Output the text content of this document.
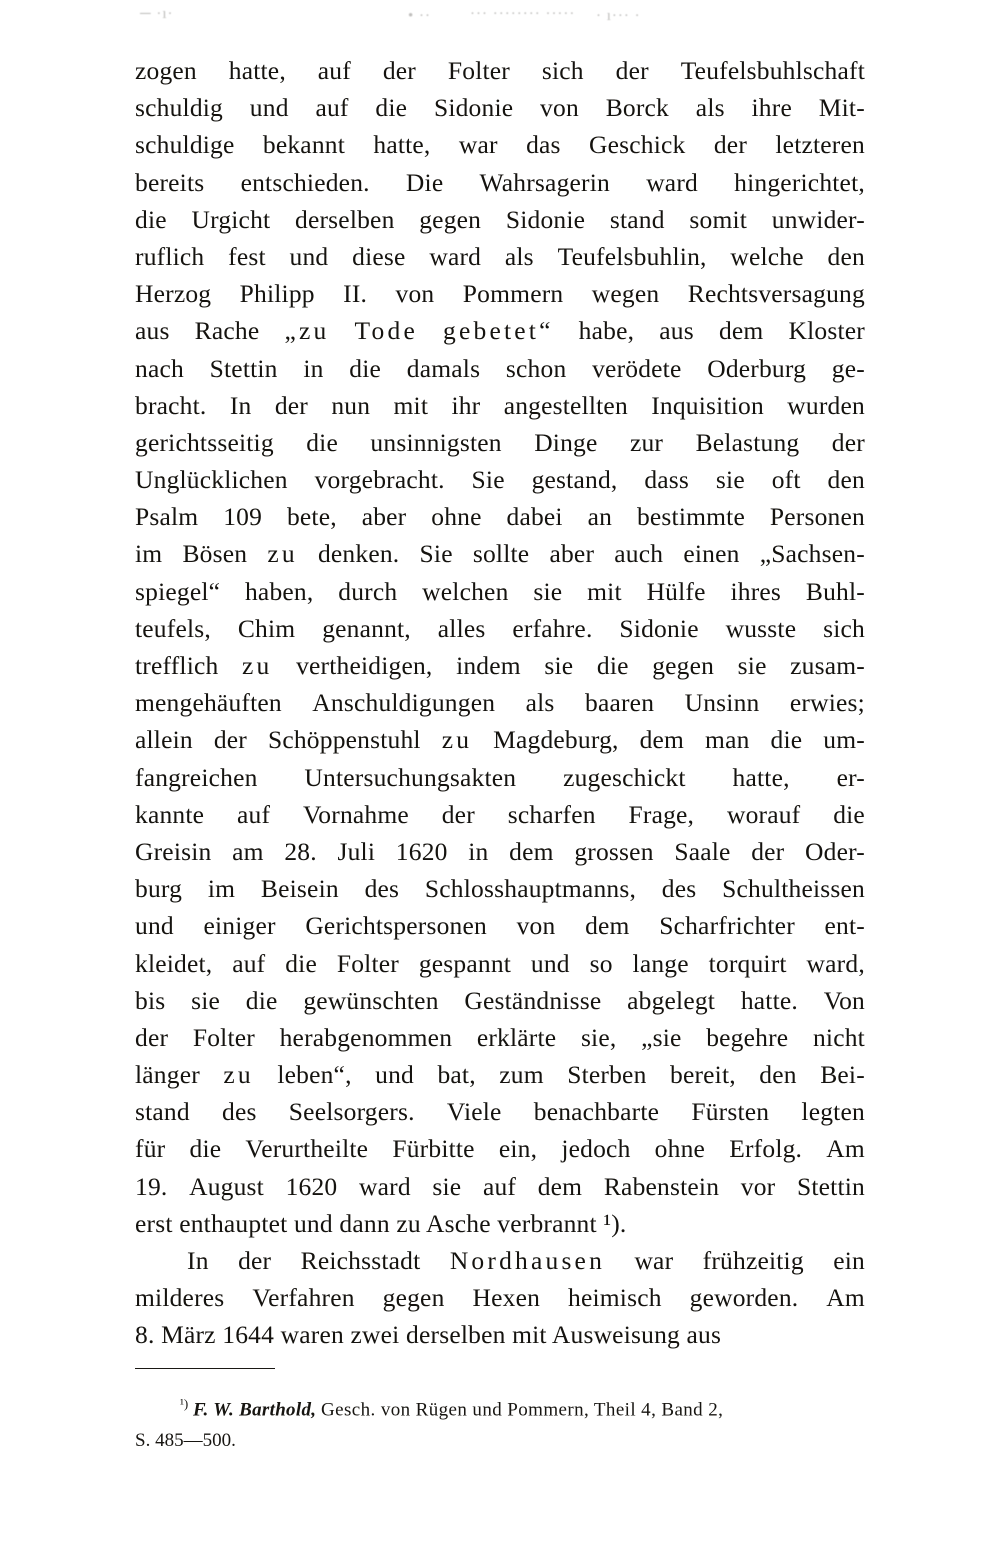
─ ·ı·	• ··	··· ········ ····· · ı··· ·
zogen hatte, auf der Folter sich der Teufelsbuhlschaft
schuldig und auf die Sidonie von Borck als ihre Mit-
schuldige bekannt hatte, war das Geschick der letzteren
bereits entschieden. Die Wahrsagerin ward hingerichtet,
die Urgicht derselben gegen Sidonie stand somit unwider-
ruflich fest und diese ward als Teufelsbuhlin, welche den
Herzog Philipp II. von Pommern wegen Rechtsversagung
aus Rache „zu Tode gebetet“ habe, aus dem Kloster
nach Stettin in die damals schon verödete Oderburg ge-
bracht. In der nun mit ihr angestellten Inquisition wurden
gerichtsseitig die unsinnigsten Dinge zur Belastung der
Unglücklichen vorgebracht. Sie gestand, dass sie oft den
Psalm 109 bete, aber ohne dabei an bestimmte Personen
im Bösen zu denken. Sie sollte aber auch einen „Sachsen-
spiegel“ haben, durch welchen sie mit Hülfe ihres Buhl-
teufels, Chim genannt, alles erfahre. Sidonie wusste sich
trefflich zu vertheidigen, indem sie die gegen sie zusam-
mengehäuften Anschuldigungen als baaren Unsinn erwies;
allein der Schöppenstuhl zu Magdeburg, dem man die um-
fangreichen Untersuchungsakten zugeschickt hatte, er-
kannte auf Vornahme der scharfen Frage, worauf die
Greisin am 28. Juli 1620 in dem grossen Saale der Oder-
burg im Beisein des Schlosshauptmanns, des Schultheissen
und einiger Gerichtspersonen von dem Scharfrichter ent-
kleidet, auf die Folter gespannt und so lange torquirt ward,
bis sie die gewünschten Geständnisse abgelegt hatte. Von
der Folter herabgenommen erklärte sie, „sie begehre nicht
länger zu leben“, und bat, zum Sterben bereit, den Bei-
stand des Seelsorgers. Viele benachbarte Fürsten legten
für die Verurtheilte Fürbitte ein, jedoch ohne Erfolg. Am
19. August 1620 ward sie auf dem Rabenstein vor Stettin
erst enthauptet und dann zu Asche verbrannt ¹).
In der Reichsstadt Nordhausen war frühzeitig ein
milderes Verfahren gegen Hexen heimisch geworden. Am
8. März 1644 waren zwei derselben mit Ausweisung aus
$^{^1)}$ F. W. Barthold, Gesch. von Rügen und Pommern, Theil 4, Band 2,
S. 485—500.
